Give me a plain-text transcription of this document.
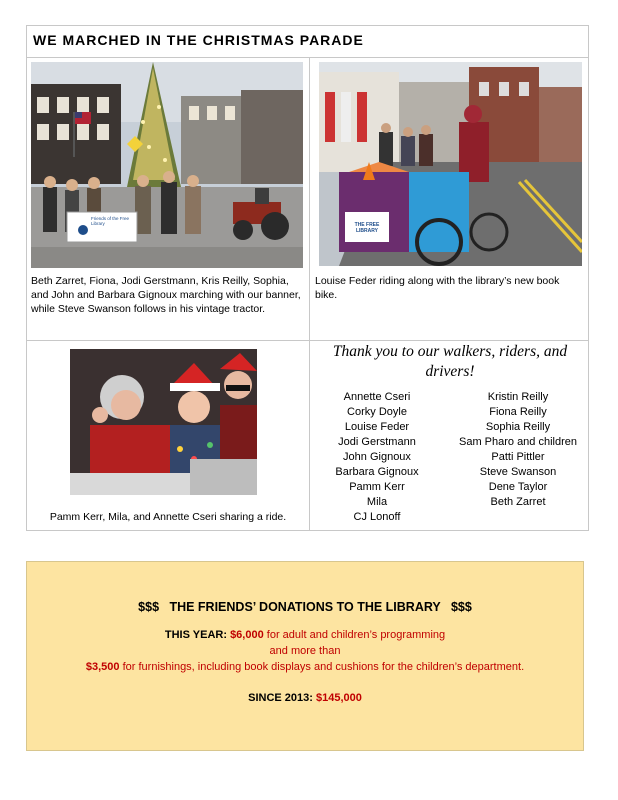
WE MARCHED IN THE CHRISTMAS PARADE
Friends of the Free Library
Beth Zarret, Fiona, Jodi Gerstmann, Kris Reilly, Sophia, and John and Barbara Gignoux marching with our banner, while Steve Swanson follows in his vintage tractor.
THE FREE LIBRARY
Louise Feder riding along with the library’s new book bike.
Pamm Kerr, Mila, and Annette Cseri sharing a ride.
Thank you to our walkers, riders, and drivers!
Annette Cseri
Corky Doyle
Louise Feder
Jodi Gerstmann
John Gignoux
Barbara Gignoux
Pamm Kerr
Mila
CJ Lonoff
Kristin Reilly
Fiona Reilly
Sophia Reilly
Sam Pharo and children
Patti Pittler
Steve Swanson
Dene Taylor
Beth Zarret
$$$   THE FRIENDS’ DONATIONS TO THE LIBRARY   $$$
THIS YEAR: $6,000 for adult and children’s programming
and more than
$3,500 for furnishings, including book displays and cushions for the children’s department.
SINCE 2013: $145,000
